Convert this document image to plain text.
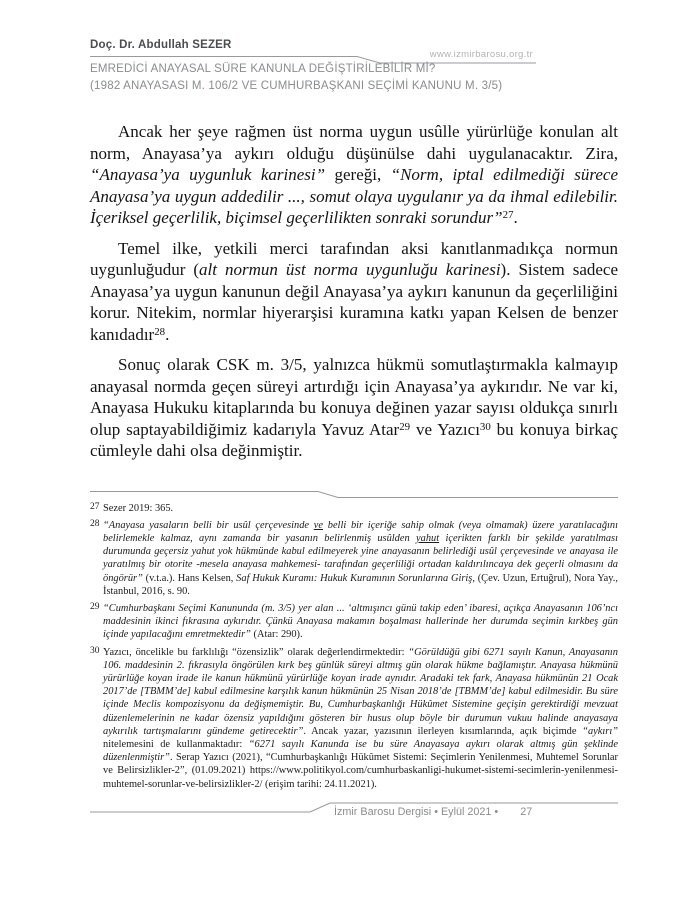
Doç. Dr. Abdullah SEZER
www.izmirbarosu.org.tr
EMREDİCİ ANAYASAL SÜRE KANUNLA DEĞİŞTİRİLEBİLİR Mİ?
(1982 ANAYASASI M. 106/2 VE CUMHURBAŞKANI SEÇİMİ KANUNU M. 3/5)

Ancak her şeye rağmen üst norma uygun usûlle yürürlüğe konulan alt norm, Anayasa’ya aykırı olduğu düşünülse dahi uygulanacaktır. Zira, “Anayasa’ya uygunluk karinesi” gereği, “Norm, iptal edilmediği sürece Anayasa’ya uygun addedilir ..., somut olaya uygulanır ya da ihmal edilebilir. İçeriksel geçerlilik, biçimsel geçerlilikten sonraki sorundur”$^{27}$.

Temel ilke, yetkili merci tarafından aksi kanıtlanmadıkça normun uygunluğudur (alt normun üst norma uygunluğu karinesi). Sistem sadece Anayasa’ya uygun kanunun değil Anayasa’ya aykırı kanunun da geçerliliğini korur. Nitekim, normlar hiyerarşisi kuramına katkı yapan Kelsen de benzer kanıdadır$^{28}$.

Sonuç olarak CSK m. 3/5, yalnızca hükmü somutlaştırmakla kalmayıp anayasal normda geçen süreyi artırdığı için Anayasa’ya aykırıdır. Ne var ki, Anayasa Hukuku kitaplarında bu konuya değinen yazar sayısı oldukça sınırlı olup saptayabildiğimiz kadarıyla Yavuz Atar$^{29}$ ve Yazıcı$^{30}$ bu konuya birkaç cümleyle dahi olsa değinmiştir.

27 Sezer 2019: 365.
28 “Anayasa yasaların belli bir usûl çerçevesinde ve belli bir içeriğe sahip olmak (veya olmamak) üzere yaratılacağını belirlemekle kalmaz, aynı zamanda bir yasanın belirlenmiş usûlden yahut içerikten farklı bir şekilde yaratılması durumunda geçersiz yahut yok hükmünde kabul edilmeyerek yine anayasanın belirlediği usûl çerçevesinde ve anayasa ile yaratılmış bir otorite -mesela anayasa mahkemesi- tarafından geçerliliği ortadan kaldırılıncaya dek geçerli olmasını da öngörür” (v.t.a.). Hans Kelsen, Saf Hukuk Kuramı: Hukuk Kuramının Sorunlarına Giriş, (Çev. Uzun, Ertuğrul), Nora Yay., İstanbul, 2016, s. 90.
29 “Cumhurbaşkanı Seçimi Kanununda (m. 3/5) yer alan ... ‘altmışıncı günü takip eden’ ibaresi, açıkça Anayasanın 106’ncı maddesinin ikinci fıkrasına aykırıdır. Çünkü Anayasa makamın boşalması hallerinde her durumda seçimin kırkbeş gün içinde yapılacağını emretmektedir” (Atar: 290).
30 Yazıcı, öncelikle bu farklılığı “özensizlik” olarak değerlendirmektedir: “Görüldüğü gibi 6271 sayılı Kanun, Anayasanın 106. maddesinin 2. fıkrasıyla öngörülen kırk beş günlük süreyi altmış gün olarak hükme bağlamıştır. Anayasa hükmünü yürürlüğe koyan irade ile kanun hükmünü yürürlüğe koyan irade aynıdır. Aradaki tek fark, Anayasa hükmünün 21 Ocak 2017’de [TBMM’de] kabul edilmesine karşılık kanun hükmünün 25 Nisan 2018’de [TBMM’de] kabul edilmesidir. Bu süre içinde Meclis kompozisyonu da değişmemiştir. Bu, Cumhurbaşkanlığı Hükûmet Sistemine geçişin gerektirdiği mevzuat düzenlemelerinin ne kadar özensiz yapıldığını gösteren bir husus olup böyle bir durumun vukuu halinde anayasaya aykırılık tartışmalarını gündeme getirecektir”. Ancak yazar, yazısının ilerleyen kısımlarında, açık biçimde “aykırı” nitelemesini de kullanmaktadır: “6271 sayılı Kanunda ise bu süre Anayasaya aykırı olarak altmış gün şeklinde düzenlenmiştir”. Serap Yazıcı (2021), “Cumhurbaşkanlığı Hükûmet Sistemi: Seçimlerin Yenilenmesi, Muhtemel Sorunlar ve Belirsizlikler-2”, (01.09.2021) https://www.politikyol.com/cumhurbaskanligi-hukumet-sistemi-secimlerin-yenilenmesi-muhtemel-sorunlar-ve-belirsizlikler-2/ (erişim tarihi: 24.11.2021).
İzmir Barosu Dergisi • Eylül 2021 • 27
